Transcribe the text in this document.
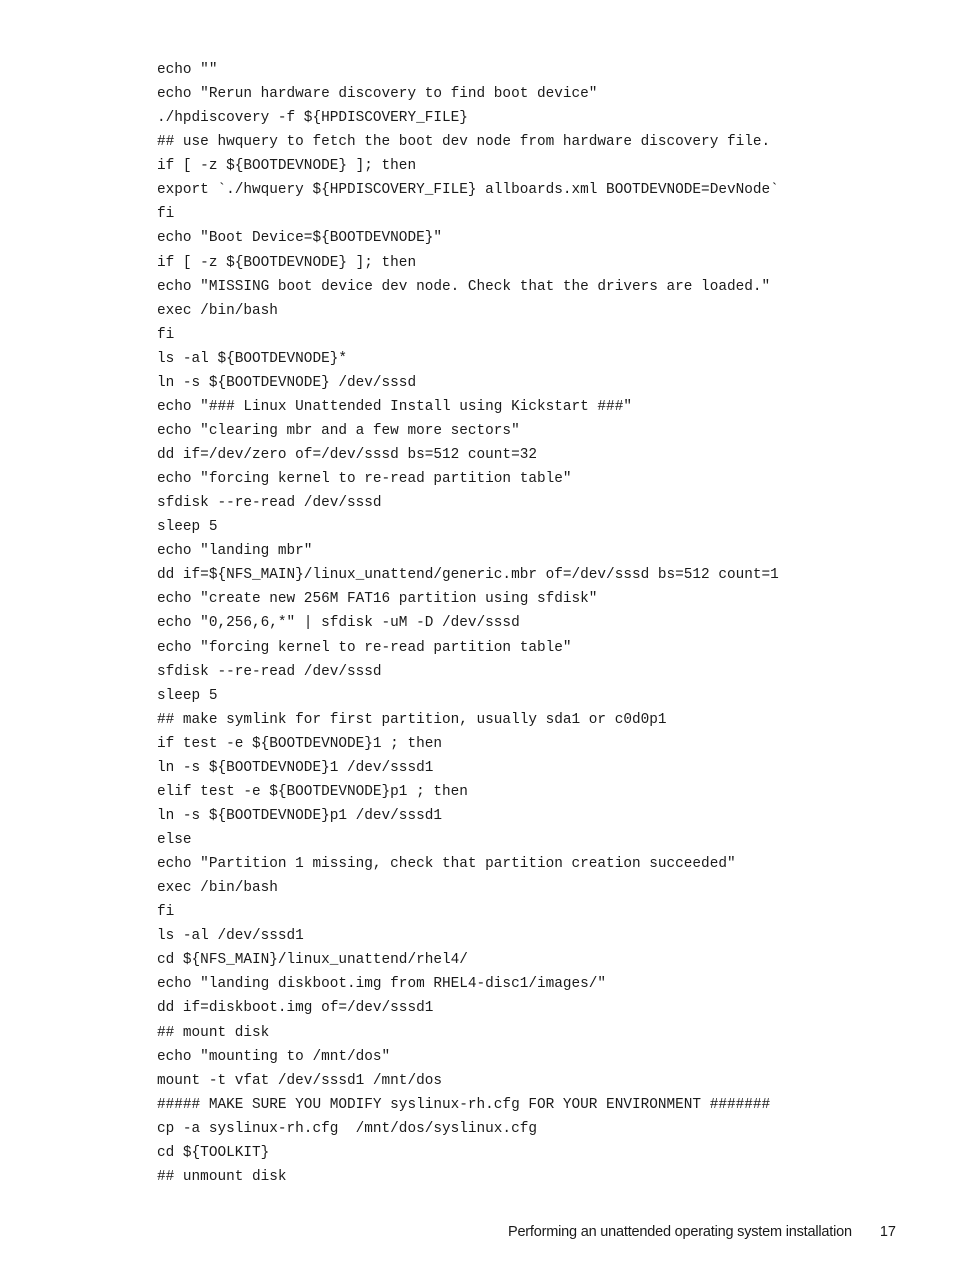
echo ""
echo "Rerun hardware discovery to find boot device"
./hpdiscovery -f ${HPDISCOVERY_FILE}
## use hwquery to fetch the boot dev node from hardware discovery file.
if [ -z ${BOOTDEVNODE} ]; then
export `./hwquery ${HPDISCOVERY_FILE} allboards.xml BOOTDEVNODE=DevNode`
fi
echo "Boot Device=${BOOTDEVNODE}"
if [ -z ${BOOTDEVNODE} ]; then
echo "MISSING boot device dev node. Check that the drivers are loaded."
exec /bin/bash
fi
ls -al ${BOOTDEVNODE}*
ln -s ${BOOTDEVNODE} /dev/sssd
echo "### Linux Unattended Install using Kickstart ###"
echo "clearing mbr and a few more sectors"
dd if=/dev/zero of=/dev/sssd bs=512 count=32
echo "forcing kernel to re-read partition table"
sfdisk --re-read /dev/sssd
sleep 5
echo "landing mbr"
dd if=${NFS_MAIN}/linux_unattend/generic.mbr of=/dev/sssd bs=512 count=1
echo "create new 256M FAT16 partition using sfdisk"
echo "0,256,6,*" | sfdisk -uM -D /dev/sssd
echo "forcing kernel to re-read partition table"
sfdisk --re-read /dev/sssd
sleep 5
## make symlink for first partition, usually sda1 or c0d0p1
if test -e ${BOOTDEVNODE}1 ; then
ln -s ${BOOTDEVNODE}1 /dev/sssd1
elif test -e ${BOOTDEVNODE}p1 ; then
ln -s ${BOOTDEVNODE}p1 /dev/sssd1
else
echo "Partition 1 missing, check that partition creation succeeded"
exec /bin/bash
fi
ls -al /dev/sssd1
cd ${NFS_MAIN}/linux_unattend/rhel4/
echo "landing diskboot.img from RHEL4-disc1/images/"
dd if=diskboot.img of=/dev/sssd1
## mount disk
echo "mounting to /mnt/dos"
mount -t vfat /dev/sssd1 /mnt/dos
##### MAKE SURE YOU MODIFY syslinux-rh.cfg FOR YOUR ENVIRONMENT #######
cp -a syslinux-rh.cfg  /mnt/dos/syslinux.cfg
cd ${TOOLKIT}
## unmount disk
Performing an unattended operating system installation 17
